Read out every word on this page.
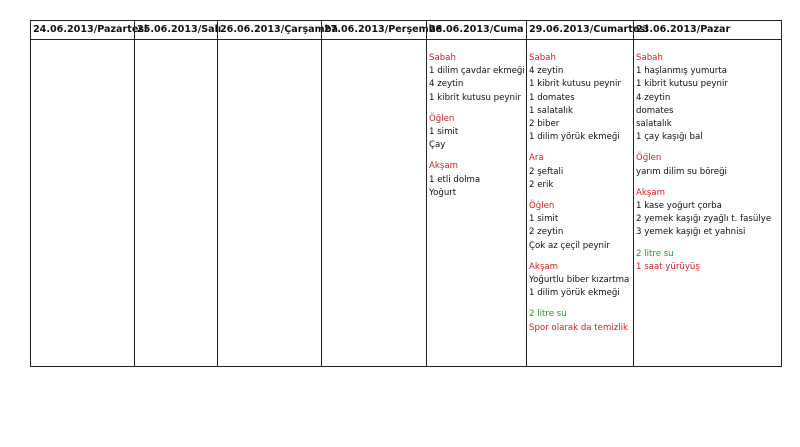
24.06.2013/Pazartesi
25.06.2013/Salı
26.06.2013/Çarşamba
27.06.2013/Perşembe
28.06.2013/Cuma
Sabah
1 dilim çavdar ekmeği
4 zeytin
1 kibrit kutusu peynir
Öğlen
1 simit
Çay
Akşam
1 etli dolma
Yoğurt
29.06.2013/Cumartesi
Sabah
4 zeytin
1 kibrit kutusu peynir
1 domates
1 salatalık
2 biber
1 dilim yörük ekmeği
Ara
2 şeftali
2 erik
Öğlen
1 simit
2 zeytin
Çok az çeçil peynir
Akşam
Yoğurtlu biber kızartma
1 dilim yörük ekmeği
2 litre su
Spor olarak da temizlik
23.06.2013/Pazar
Sabah
1 haşlanmış yumurta
1 kibrit kutusu peynir
4 zeytin
domates
salatalık
1 çay kaşığı bal
Öğlen
yarım dilim su böreği
Akşam
1 kase yoğurt çorba
2 yemek kaşığı zyağlı t. fasülye
3 yemek kaşığı et yahnisi
2 litre su
1 saat yürüyüş
